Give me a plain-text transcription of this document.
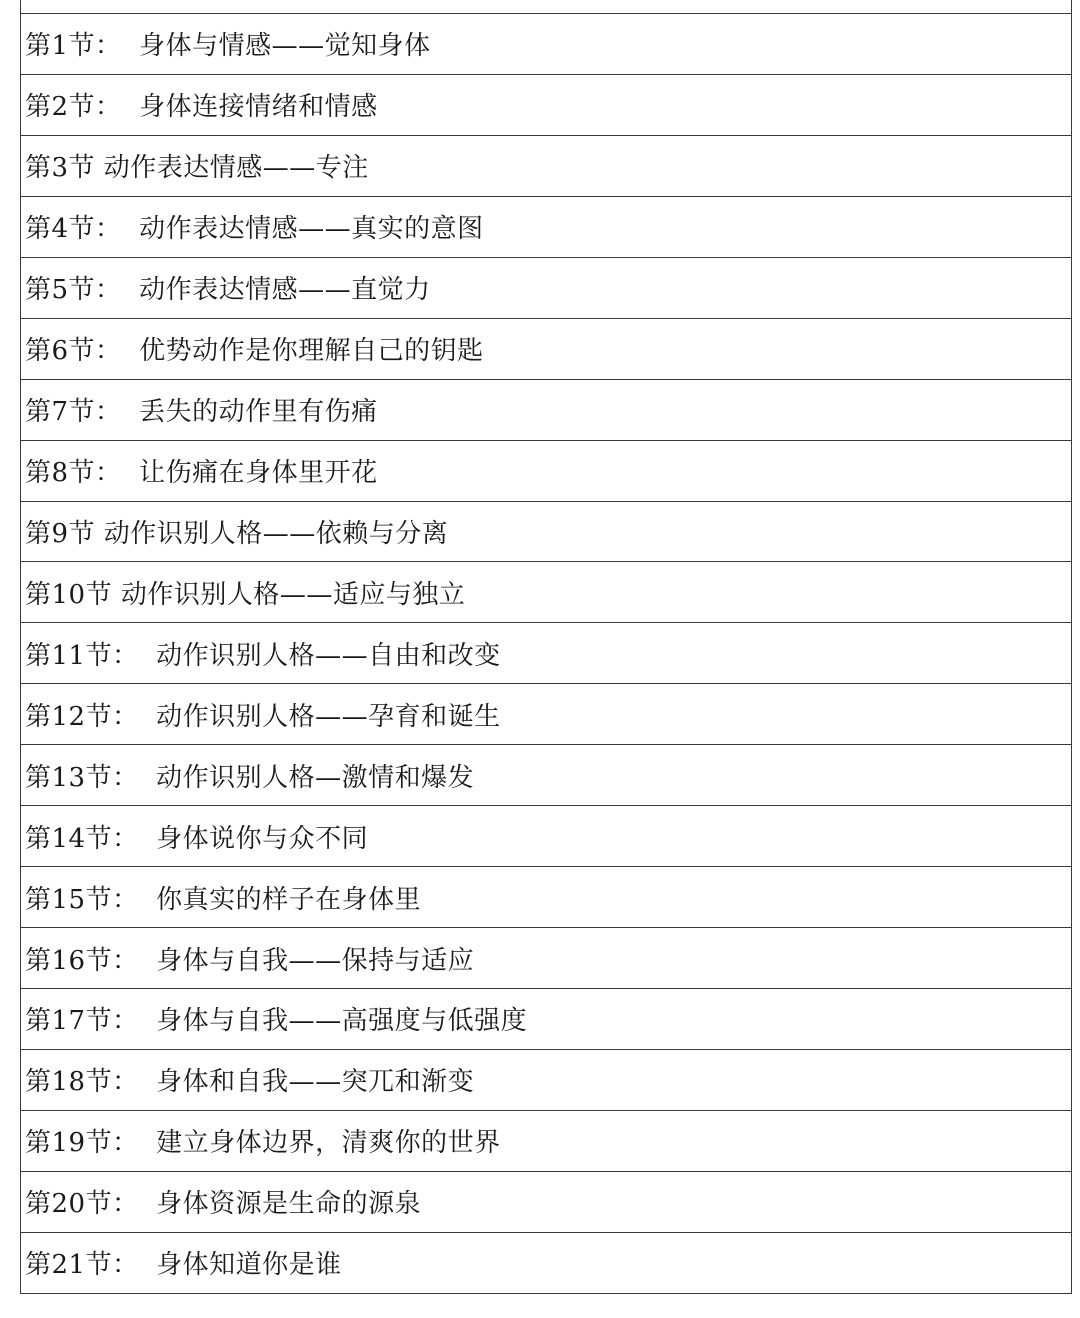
第1节：  身体与情感——觉知身体
第2节：  身体连接情绪和情感
第3节 动作表达情感——专注
第4节：  动作表达情感——真实的意图
第5节：  动作表达情感——直觉力
第6节：  优势动作是你理解自己的钥匙
第7节：  丢失的动作里有伤痛
第8节：  让伤痛在身体里开花
第9节 动作识别人格——依赖与分离
第10节 动作识别人格——适应与独立
第11节：  动作识别人格——自由和改变
第12节：  动作识别人格——孕育和诞生
第13节：  动作识别人格—激情和爆发
第14节：  身体说你与众不同
第15节：  你真实的样子在身体里
第16节：  身体与自我——保持与适应
第17节：  身体与自我——高强度与低强度
第18节：  身体和自我——突兀和渐变
第19节：  建立身体边界，清爽你的世界
第20节：  身体资源是生命的源泉
第21节：  身体知道你是谁
